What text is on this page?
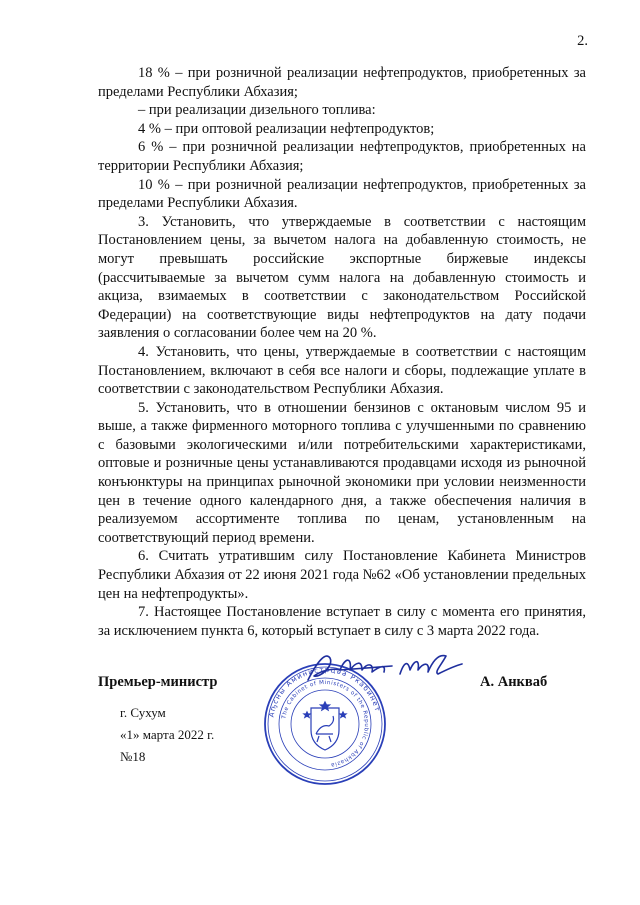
2.

18 % – при розничной реализации нефтепродуктов, приобретенных за пределами Республики Абхазия;

– при реализации дизельного топлива:

4 % – при оптовой реализации нефтепродуктов;

6 % – при розничной реализации нефтепродуктов, приобретенных на территории Республики Абхазия;

10 % – при розничной реализации нефтепродуктов, приобретенных за пределами Республики Абхазия.

3. Установить, что утверждаемые в соответствии с настоящим Постановлением цены, за вычетом налога на добавленную стоимость, не могут превышать российские экспортные биржевые индексы (рассчитываемые за вычетом сумм налога на добавленную стоимость и акциза, взимаемых в соответствии с законодательством Российской Федерации) на соответствующие виды нефтепродуктов на дату подачи заявления о согласовании более чем на 20 %.

4. Установить, что цены, утверждаемые в соответствии с настоящим Постановлением, включают в себя все налоги и сборы, подлежащие уплате в соответствии с законодательством Республики Абхазия.

5. Установить, что в отношении бензинов с октановым числом 95 и выше, а также фирменного моторного топлива с улучшенными по сравнению с базовыми экологическими и/или потребительскими характеристиками, оптовые и розничные цены устанавливаются продавцами исходя из рыночной конъюнктуры на принципах рыночной экономики при условии неизменности цен в течение одного календарного дня, а также обеспечения наличия в реализуемом ассортименте топлива по ценам, установленным на соответствующий период времени.

6. Считать утратившим силу Постановление Кабинета Министров Республики Абхазия от 22 июня 2021 года №62 «Об установлении предельных цен на нефтепродукты».

7. Настоящее Постановление вступает в силу с момента его принятия, за исключением пункта 6, который вступает в силу с 3 марта 2022 года.

Премьер-министр	А. Анкваб
Аҧсны Аминистрцәа Ркабинет
The Cabinet of Ministers of the Republic of Abkhazia
г. Сухум
«1» марта 2022 г.
№18
